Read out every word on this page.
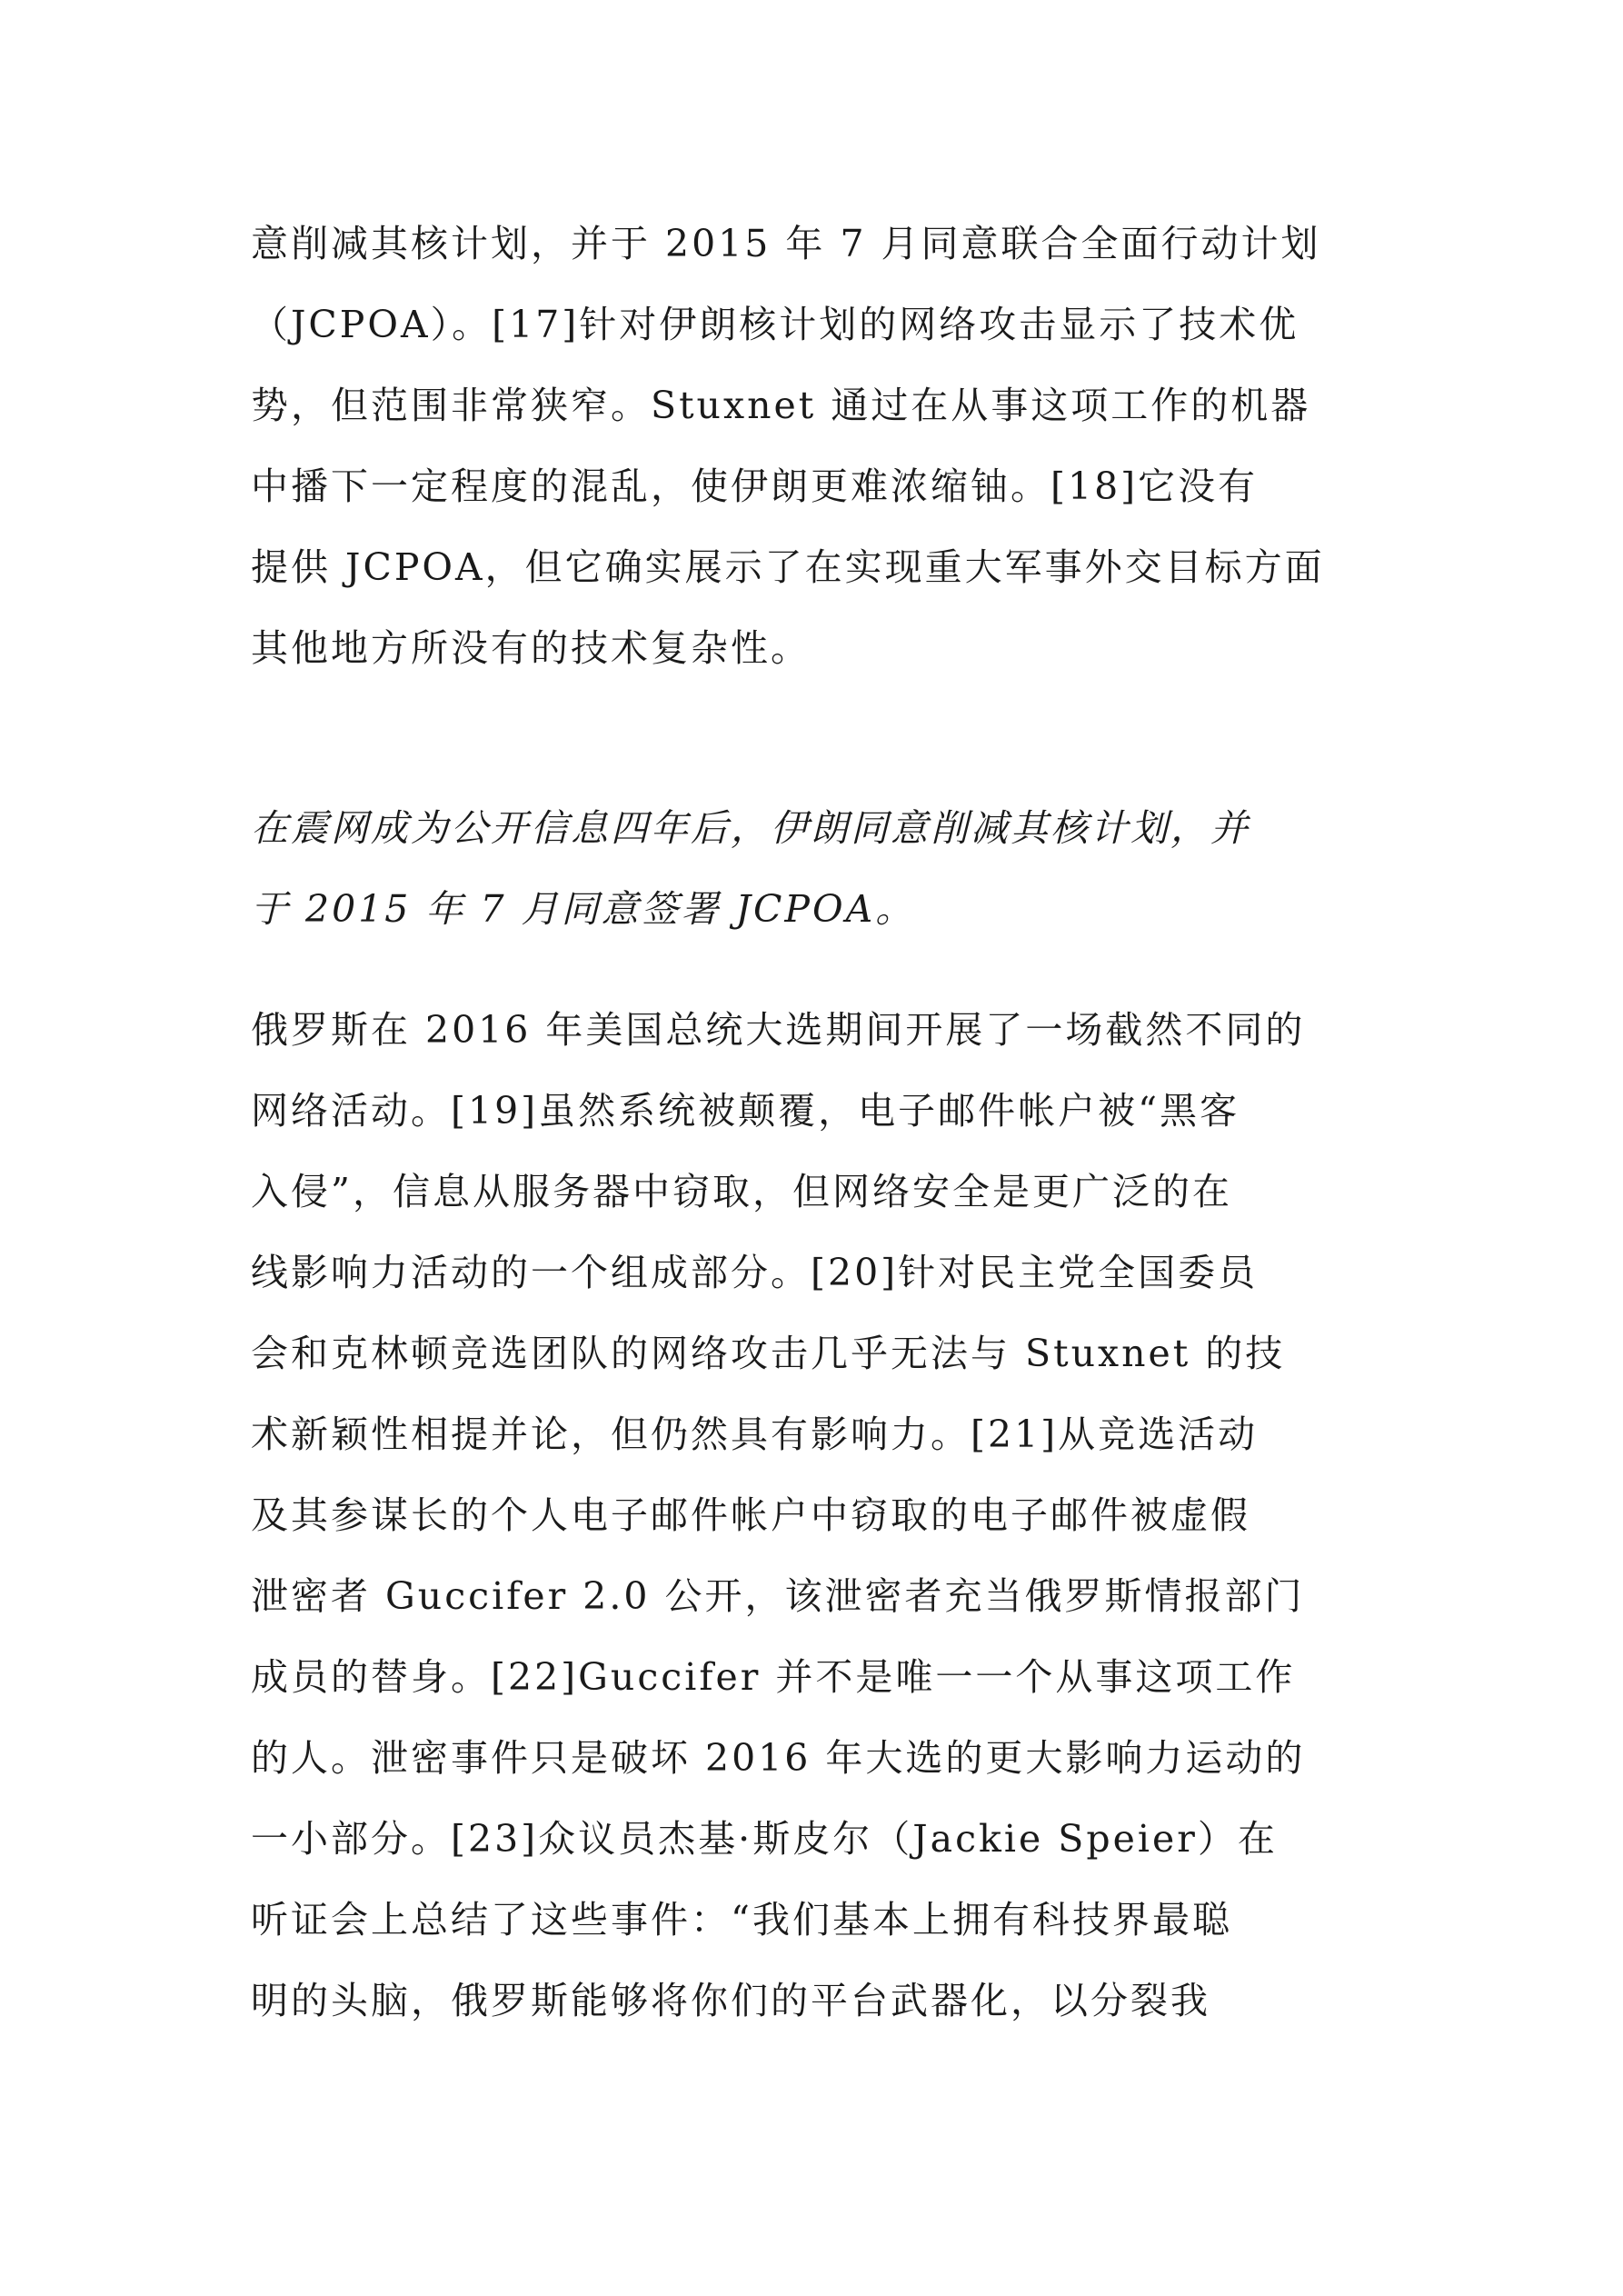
意削减其核计划，并于 2015 年 7 月同意联合全面行动计划
（JCPOA）。[17]针对伊朗核计划的网络攻击显示了技术优
势，但范围非常狭窄。Stuxnet 通过在从事这项工作的机器
中播下一定程度的混乱，使伊朗更难浓缩铀。[18]它没有
提供 JCPOA，但它确实展示了在实现重大军事外交目标方面
其他地方所没有的技术复杂性。
在震网成为公开信息四年后，伊朗同意削减其核计划，并
于 2015 年 7 月同意签署 JCPOA。
俄罗斯在 2016 年美国总统大选期间开展了一场截然不同的
网络活动。[19]虽然系统被颠覆，电子邮件帐户被“黑客
入侵”，信息从服务器中窃取，但网络安全是更广泛的在
线影响力活动的一个组成部分。[20]针对民主党全国委员
会和克林顿竞选团队的网络攻击几乎无法与 Stuxnet 的技
术新颖性相提并论，但仍然具有影响力。[21]从竞选活动
及其参谋长的个人电子邮件帐户中窃取的电子邮件被虚假
泄密者 Guccifer 2.0 公开，该泄密者充当俄罗斯情报部门
成员的替身。[22]Guccifer 并不是唯一一个从事这项工作
的人。泄密事件只是破坏 2016 年大选的更大影响力运动的
一小部分。[23]众议员杰基·斯皮尔（Jackie Speier）在
听证会上总结了这些事件：“我们基本上拥有科技界最聪
明的头脑，俄罗斯能够将你们的平台武器化，以分裂我
